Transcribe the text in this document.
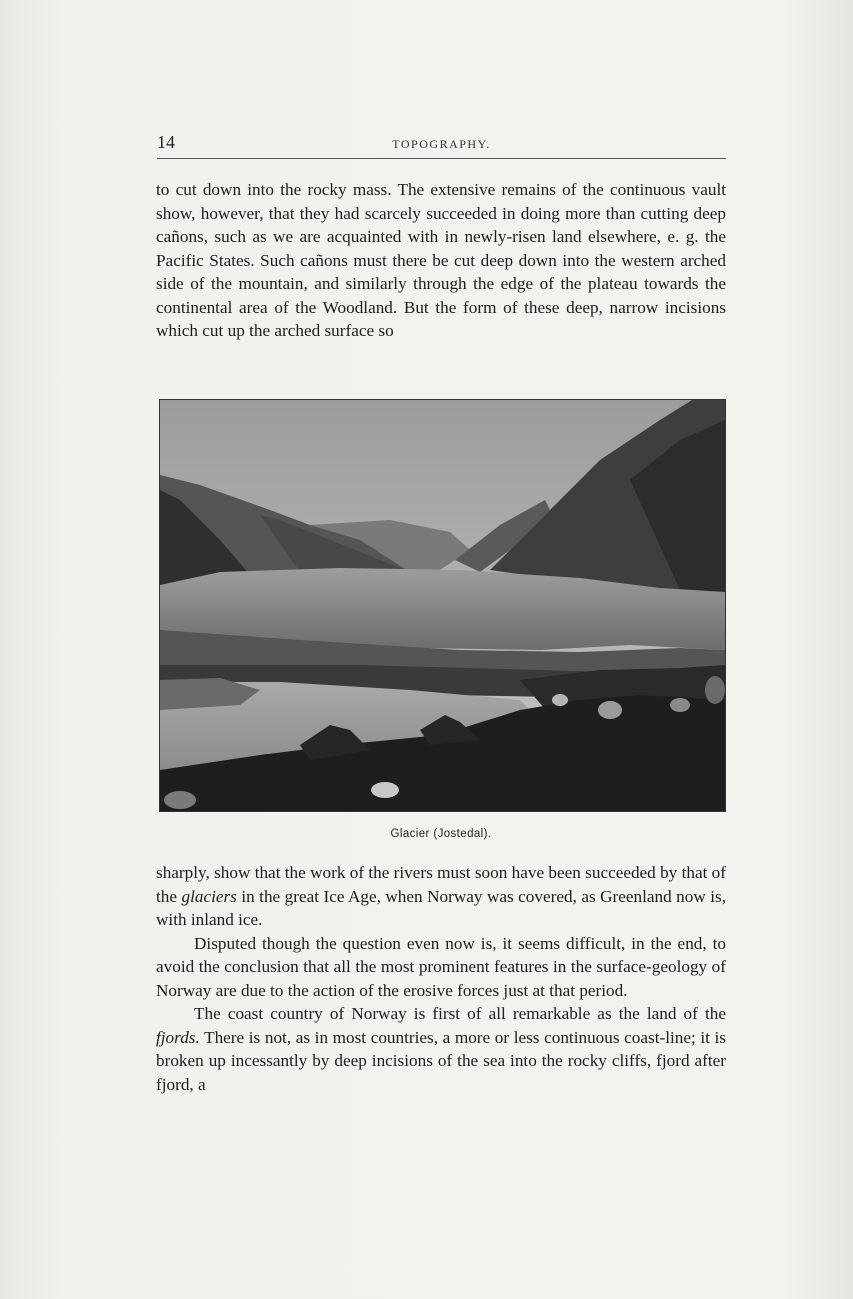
14	TOPOGRAPHY.

to cut down into the rocky mass. The extensive remains of the continuous vault show, however, that they had scarcely succeeded in doing more than cutting deep cañons, such as we are acquainted with in newly-risen land elsewhere, e. g. the Pacific States. Such cañons must there be cut deep down into the western arched side of the mountain, and similarly through the edge of the plateau towards the continental area of the Woodland. But the form of these deep, narrow incisions which cut up the arched surface so

Glacier (Jostedal).

sharply, show that the work of the rivers must soon have been succeeded by that of the glaciers in the great Ice Age, when Norway was covered, as Greenland now is, with inland ice.

Disputed though the question even now is, it seems difficult, in the end, to avoid the conclusion that all the most prominent features in the surface-geology of Norway are due to the action of the erosive forces just at that period.

The coast country of Norway is first of all remarkable as the land of the fjords. There is not, as in most countries, a more or less continuous coast-line; it is broken up incessantly by deep incisions of the sea into the rocky cliffs, fjord after fjord, a
